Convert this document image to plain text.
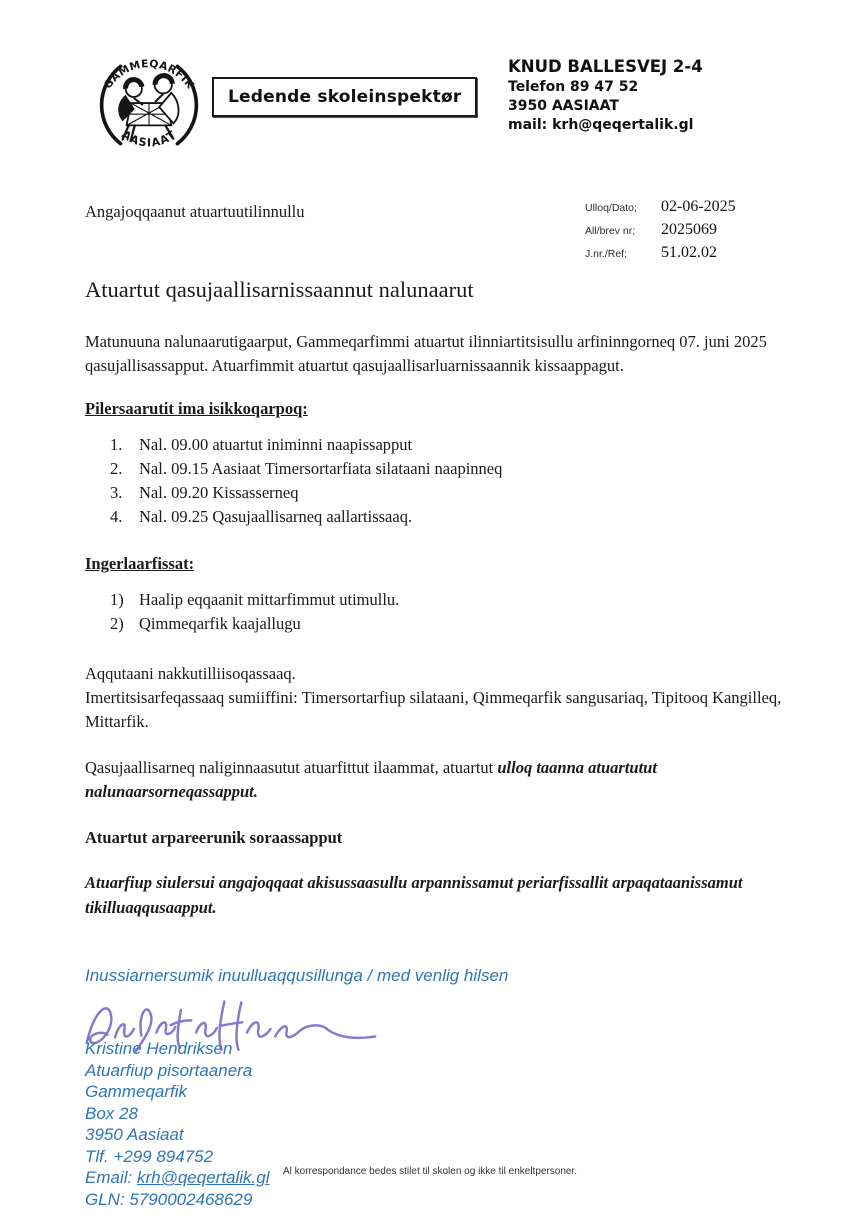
GAMMEQARFIK
AASIAAT
Ledende skoleinspektør
KNUD BALLESVEJ 2-4
Telefon 89 47 52
3950 AASIAAT
mail: krh@qeqertalik.gl
Angajoqqaanut atuartuutilinnullu	Ulloq/Dato;	02-06-2025
All/brev nr;	2025069
J.nr./Ref;	51.02.02
Atuartut qasujaallisarnissaannut nalunaarut

Matunuuna nalunaarutigaarput, Gammeqarfimmi atuartut ilinniartitsisullu arfininngorneq 07. juni 2025 qasujallisassapput. Atuarfimmit atuartut qasujaallisarluarnissaannik kissaappagut.

Pilersaarutit ima isikkoqarpoq:
1.	Nal. 09.00 atuartut iniminni naapissapput
2.	Nal. 09.15 Aasiaat Timersortarfiata silataani naapinneq
3.	Nal. 09.20 Kissasserneq
4.	Nal. 09.25 Qasujaallisarneq aallartissaaq.
Ingerlaarfissat:
1) Haalip eqqaanit mittarfimmut utimullu.
2) Qimmeqarfik kaajallugu

Aqqutaani nakkutilliisoqassaaq.
Imertitsisarfeqassaaq sumiiffini: Timersortarfiup silataani, Qimmeqarfik sangusariaq, Tipitooq Kangilleq, Mittarfik.

Qasujaallisarneq naliginnaasutut atuarfittut ilaammat, atuartut ulloq taanna atuartutut nalunaarsorneqassapput.

Atuartut arpareerunik soraassapput

Atuarfiup siulersui angajoqqaat akisussaasullu arpannissamut periarfissallit arpaqataanissamut tikilluaqqusaapput.

Inussiarnersumik inuulluaqqusillunga / med venlig hilsen

Kristine Hendriksen
Atuarfiup pisortaanera
Gammeqarfik
Box 28
3950 Aasiaat
Tlf. +299 894752
Email: krh@qeqertalik.gl
GLN: 5790002468629
Al korrespondance bedes stilet til skolen og ikke til enkeltpersoner.
